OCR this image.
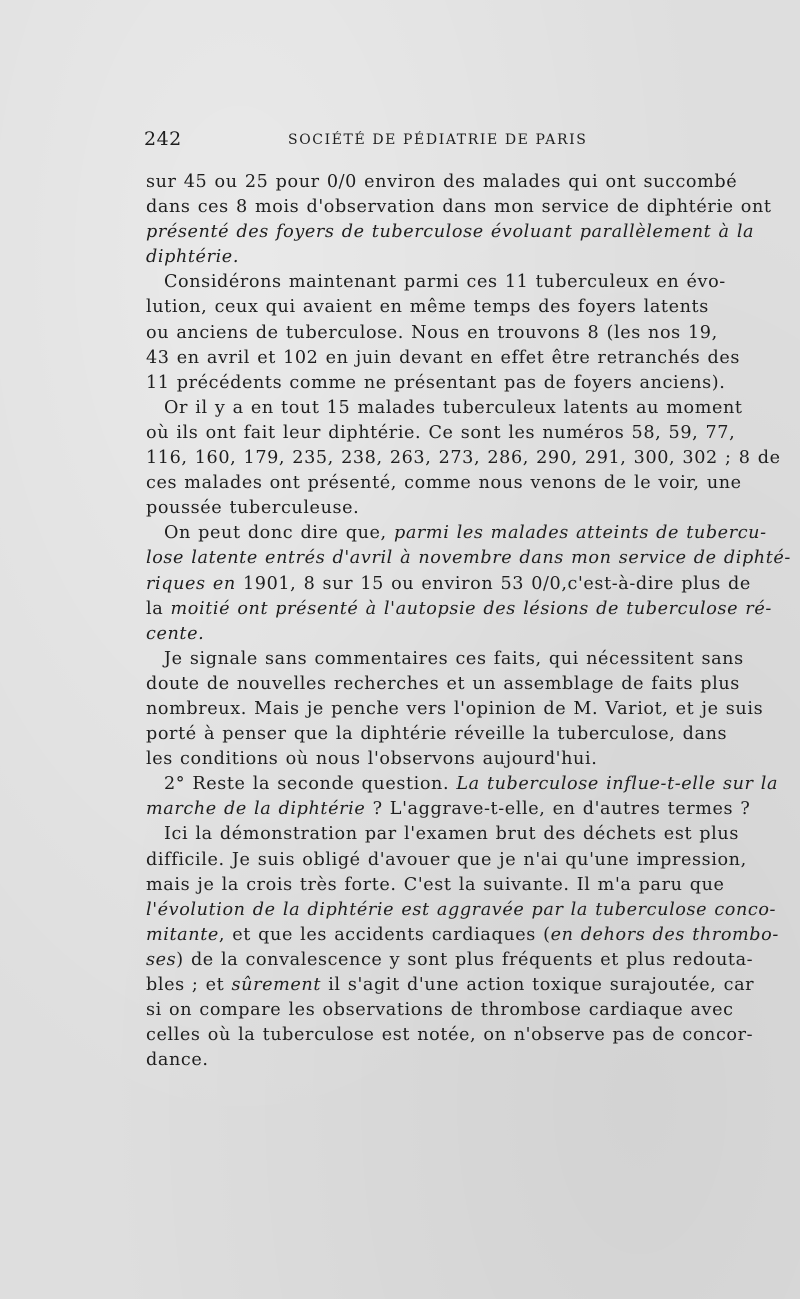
242	SOCIÉTÉ DE PÉDIATRIE DE PARIS
sur 45 ou 25 pour 0/0 environ des malades qui ont succombé
dans ces 8 mois d'observation dans mon service de diphtérie ont
présenté des foyers de tuberculose évoluant parallèlement à la
diphtérie.
Considérons maintenant parmi ces 11 tuberculeux en évo-
lution, ceux qui avaient en même temps des foyers latents
ou anciens de tuberculose. Nous en trouvons 8 (les nos 19,
43 en avril et 102 en juin devant en effet être retranchés des
11 précédents comme ne présentant pas de foyers anciens).
Or il y a en tout 15 malades tuberculeux latents au moment
où ils ont fait leur diphtérie. Ce sont les numéros 58, 59, 77,
116, 160, 179, 235, 238, 263, 273, 286, 290, 291, 300, 302 ; 8 de
ces malades ont présenté, comme nous venons de le voir, une
poussée tuberculeuse.
On peut donc dire que, parmi les malades atteints de tubercu-
lose latente entrés d'avril à novembre dans mon service de diphté-
riques en 1901, 8 sur 15 ou environ 53 0/0,c'est-à-dire plus de
la moitié ont présenté à l'autopsie des lésions de tuberculose ré-
cente.
Je signale sans commentaires ces faits, qui nécessitent sans
doute de nouvelles recherches et un assemblage de faits plus
nombreux. Mais je penche vers l'opinion de M. Variot, et je suis
porté à penser que la diphtérie réveille la tuberculose, dans
les conditions où nous l'observons aujourd'hui.
2° Reste la seconde question. La tuberculose influe-t-elle sur la
marche de la diphtérie ? L'aggrave-t-elle, en d'autres termes ?
Ici la démonstration par l'examen brut des déchets est plus
difficile. Je suis obligé d'avouer que je n'ai qu'une impression,
mais je la crois très forte. C'est la suivante. Il m'a paru que
l'évolution de la diphtérie est aggravée par la tuberculose conco-
mitante, et que les accidents cardiaques (en dehors des thrombo-
ses) de la convalescence y sont plus fréquents et plus redouta-
bles ; et sûrement il s'agit d'une action toxique surajoutée, car
si on compare les observations de thrombose cardiaque avec
celles où la tuberculose est notée, on n'observe pas de concor-
dance.
